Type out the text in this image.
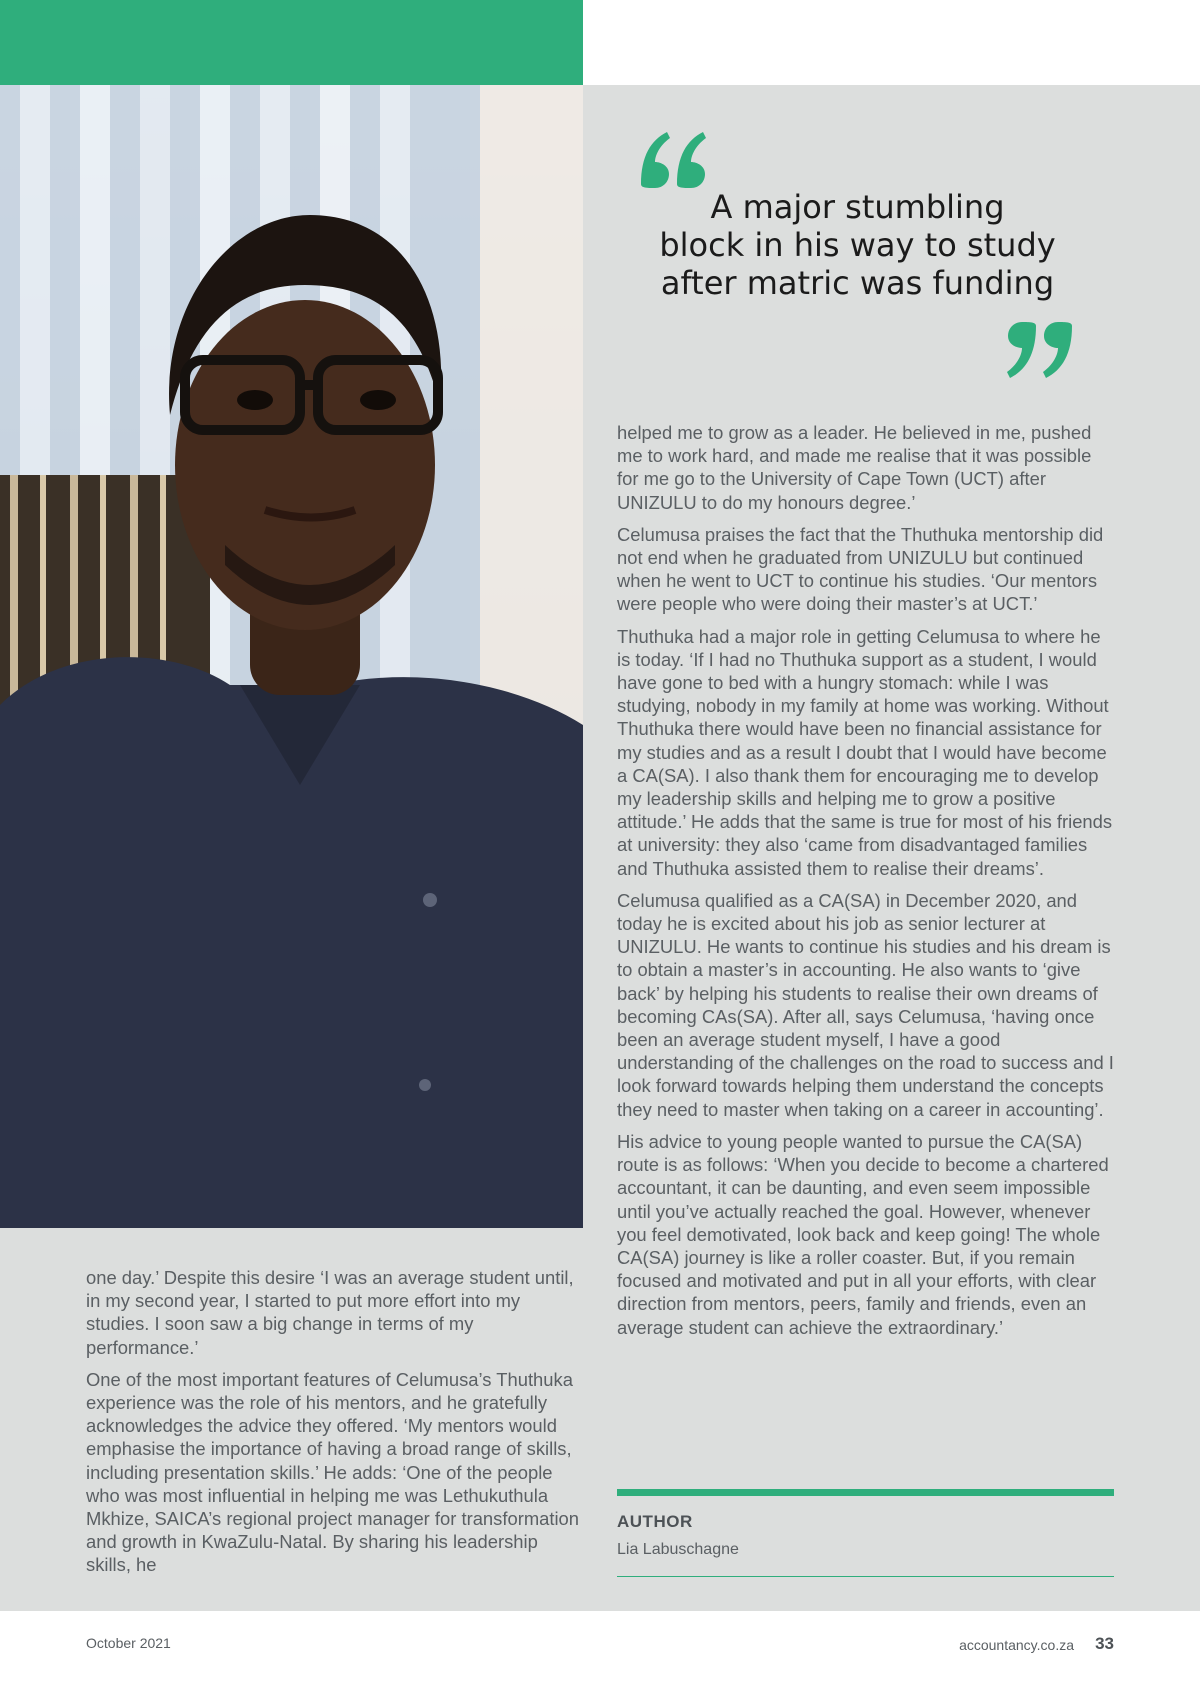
A major stumbling
block in his way to study
after matric was funding

one day.’ Despite this desire ‘I was an average student until, in my second year, I started to put more effort into my studies. I soon saw a big change in terms of my performance.’

One of the most important features of Celumusa’s Thuthuka experience was the role of his mentors, and he gratefully acknowledges the advice they offered. ‘My mentors would emphasise the importance of having a broad range of skills, including presentation skills.’ He adds: ‘One of the people who was most influential in helping me was Lethukuthula Mkhize, SAICA’s regional project manager for transformation and growth in KwaZulu-Natal. By sharing his leadership skills, he

helped me to grow as a leader. He believed in me, pushed me to work hard, and made me realise that it was possible for me go to the University of Cape Town (UCT) after UNIZULU to do my honours degree.’

Celumusa praises the fact that the Thuthuka mentorship did not end when he graduated from UNIZULU but continued when he went to UCT to continue his studies. ‘Our mentors were people who were doing their master’s at UCT.’

Thuthuka had a major role in getting Celumusa to where he is today. ‘If I had no Thuthuka support as a student, I would have gone to bed with a hungry stomach: while I was studying, nobody in my family at home was working. Without Thuthuka there would have been no financial assistance for my studies and as a result I doubt that I would have become a CA(SA). I also thank them for encouraging me to develop my leadership skills and helping me to grow a positive attitude.’ He adds that the same is true for most of his friends at university: they also ‘came from disadvantaged families and Thuthuka assisted them to realise their dreams’.

Celumusa qualified as a CA(SA) in December 2020, and today he is excited about his job as senior lecturer at UNIZULU. He wants to continue his studies and his dream is to obtain a master’s in accounting. He also wants to ‘give back’ by helping his students to realise their own dreams of becoming CAs(SA). After all, says Celumusa, ‘having once been an average student myself, I have a good understanding of the challenges on the road to success and I look forward towards helping them understand the concepts they need to master when taking on a career in accounting’.

His advice to young people wanted to pursue the CA(SA) route is as follows: ‘When you decide to become a chartered accountant, it can be daunting, and even seem impossible until you’ve actually reached the goal. However, whenever you feel demotivated, look back and keep going! The whole CA(SA) journey is like a roller coaster. But, if you remain focused and motivated and put in all your efforts, with clear direction from mentors, peers, family and friends, even an average student can achieve the extraordinary.’

AUTHOR
Lia Labuschagne
October 2021	accountancy.co.za 33
